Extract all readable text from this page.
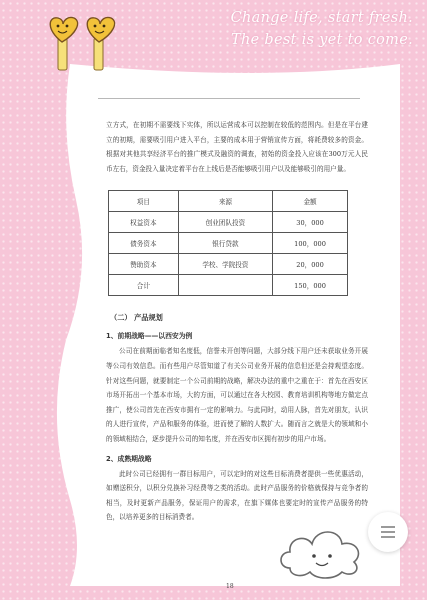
Change life, start fresh.
The best is yet to come.

立方式，在初期不需要线下实体，所以运营成本可以控制在较低的范围内。但是在平台建立的初期，需要吸引用户进入平台，主要的成本用于营销宣传方面，将耗费较多的资金。根据对其他共享经济平台的推广模式及融资的调查，初始的资金投入应该在300万元人民币左右，资金投入量决定着平台在上线后是否能够吸引用户以及能够吸引的用户量。

项目	来源	金额
权益资本	创业团队投资	30，000
债务资本	银行贷款	100，000
赞助资本	学校、学院投资	20，000
合计		150，000
（二） 产品规划
1、前期战略——以西安为例

公司在前期面临者知名度低，信誉未开创等问题，大部分线下用户还未获取业务开展等公司有效信息。而有些用户尽管知道了有关公司业务开展的信息但还是会持观望态度。针对这些问题，就要制定一个公司前期的战略，解决办法的重中之重在于：首先在西安区市场开拓出一个基本市场，大的方面，可以通过在各大校园、教育培训机构等地方做定点推广，使公司首先在西安市拥有一定的影响力。与此同时，动用人脉，首先对朋友，认识的人进行宣传，产品和服务的体验，进而使了解的人数扩大。随而言之就是大的领域和小的领域相结合，逐步提升公司的知名度，并在西安市区拥有初步的用户市场。

2、成熟期战略

此时公司已经拥有一群目标用户，可以定时的对这些目标消费者提供一些优惠活动，如赠送积分，以积分兑换补习经费等之类的活动。此时产品服务的价格就保持与竞争者的相当，及时更新产品服务，保证用户的需求，在旗下媒体也要定时的宣传产品服务的特色，以培养更多的目标消费者。

18
